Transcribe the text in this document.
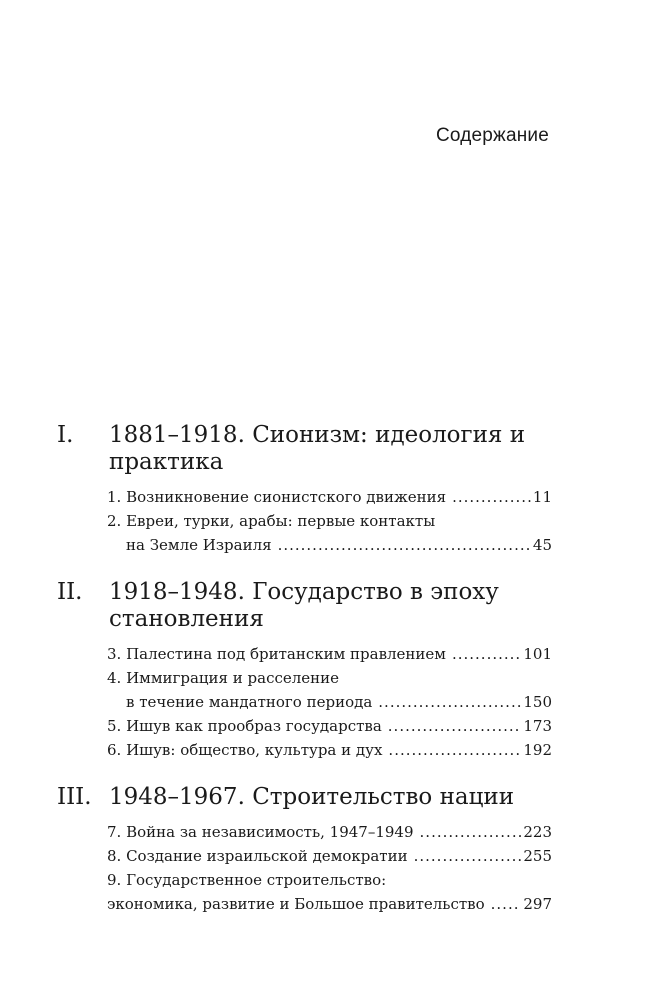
Содержание
I.	1881–1918. Сионизм: идеология и практика
1. Возникновение сионистского движения .....	11
2. Евреи, турки, арабы: первые контакты
на Земле Израиля .....	45
II.	1918–1948. Государство в эпоху становления
3. Палестина под британским правлением .....	101
4. Иммиграция и расселение
в течение мандатного периода .....	150
5. Ишув как прообраз государства .....	173
6. Ишув: общество, культура и дух .....	192
III. 1948–1967. Строительство нации
7. Война за независимость, 1947–1949 .....	223
8. Создание израильской демократии .....	255
9. Государственное строительство:
экономика, развитие и Большое правительство .....	297
